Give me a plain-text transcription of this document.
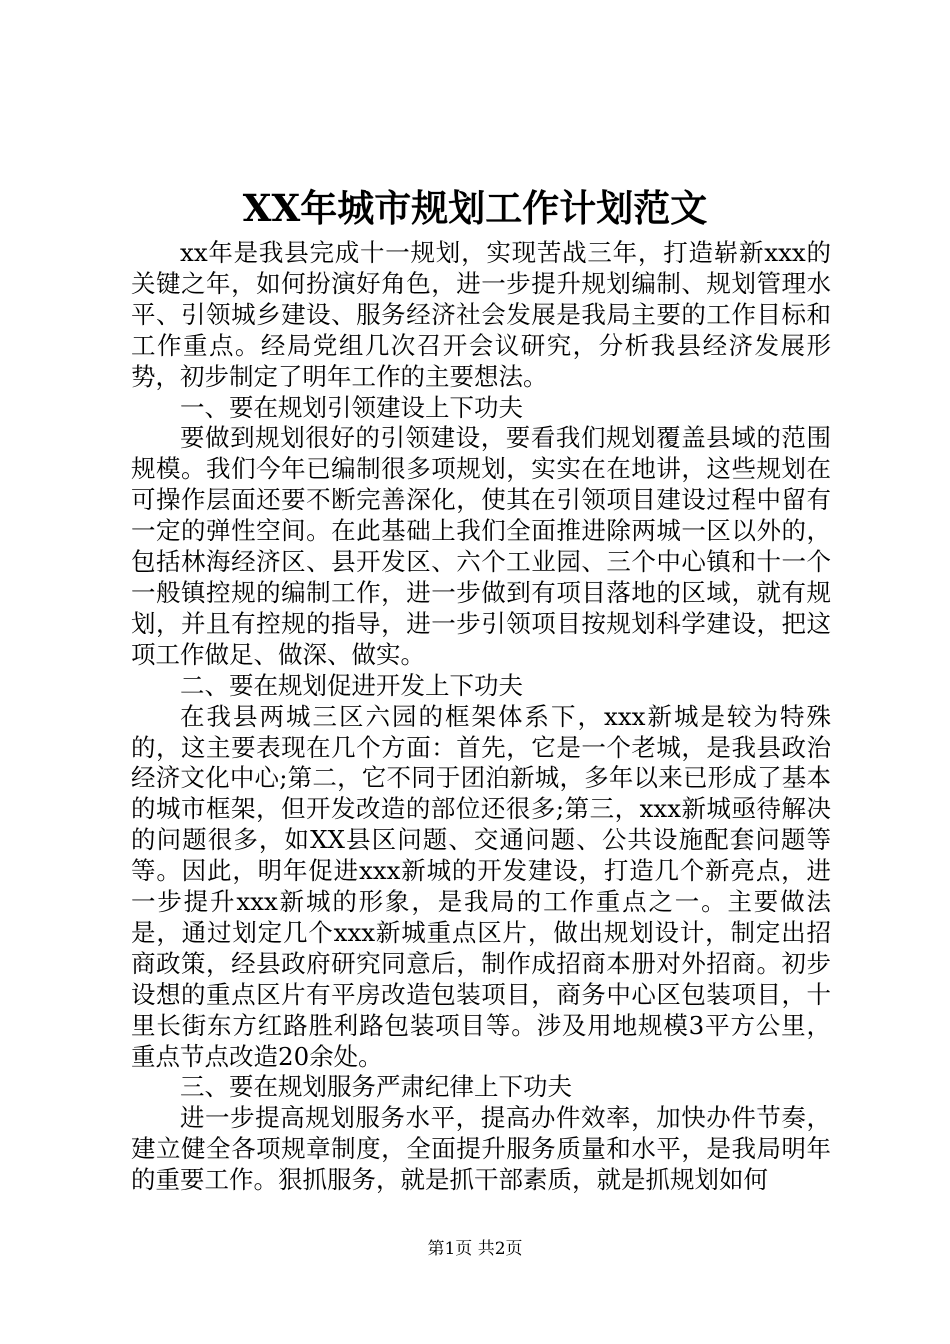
XX年城市规划工作计划范文

xx年是我县完成十一规划，实现苦战三年，打造崭新xxx的关键之年，如何扮演好角色，进一步提升规划编制、规划管理水平、引领城乡建设、服务经济社会发展是我局主要的工作目标和工作重点。经局党组几次召开会议研究，分析我县经济发展形势，初步制定了明年工作的主要想法。

一、要在规划引领建设上下功夫

要做到规划很好的引领建设，要看我们规划覆盖县域的范围规模。我们今年已编制很多项规划，实实在在地讲，这些规划在可操作层面还要不断完善深化，使其在引领项目建设过程中留有一定的弹性空间。在此基础上我们全面推进除两城一区以外的，包括林海经济区、县开发区、六个工业园、三个中心镇和十一个一般镇控规的编制工作，进一步做到有项目落地的区域，就有规划，并且有控规的指导，进一步引领项目按规划科学建设，把这项工作做足、做深、做实。

二、要在规划促进开发上下功夫

在我县两城三区六园的框架体系下，xxx新城是较为特殊的，这主要表现在几个方面：首先，它是一个老城，是我县政治经济文化中心;第二，它不同于团泊新城，多年以来已形成了基本的城市框架，但开发改造的部位还很多;第三，xxx新城亟待解决的问题很多，如XX县区问题、交通问题、公共设施配套问题等等。因此，明年促进xxx新城的开发建设，打造几个新亮点，进一步提升xxx新城的形象，是我局的工作重点之一。主要做法是，通过划定几个xxx新城重点区片，做出规划设计，制定出招商政策，经县政府研究同意后，制作成招商本册对外招商。初步设想的重点区片有平房改造包装项目，商务中心区包装项目，十里长街东方红路胜利路包装项目等。涉及用地规模3平方公里，重点节点改造20余处。

三、要在规划服务严肃纪律上下功夫

进一步提高规划服务水平，提高办件效率，加快办件节奏，建立健全各项规章制度，全面提升服务质量和水平，是我局明年的重要工作。狠抓服务，就是抓干部素质，就是抓规划如何

第1页 共2页
